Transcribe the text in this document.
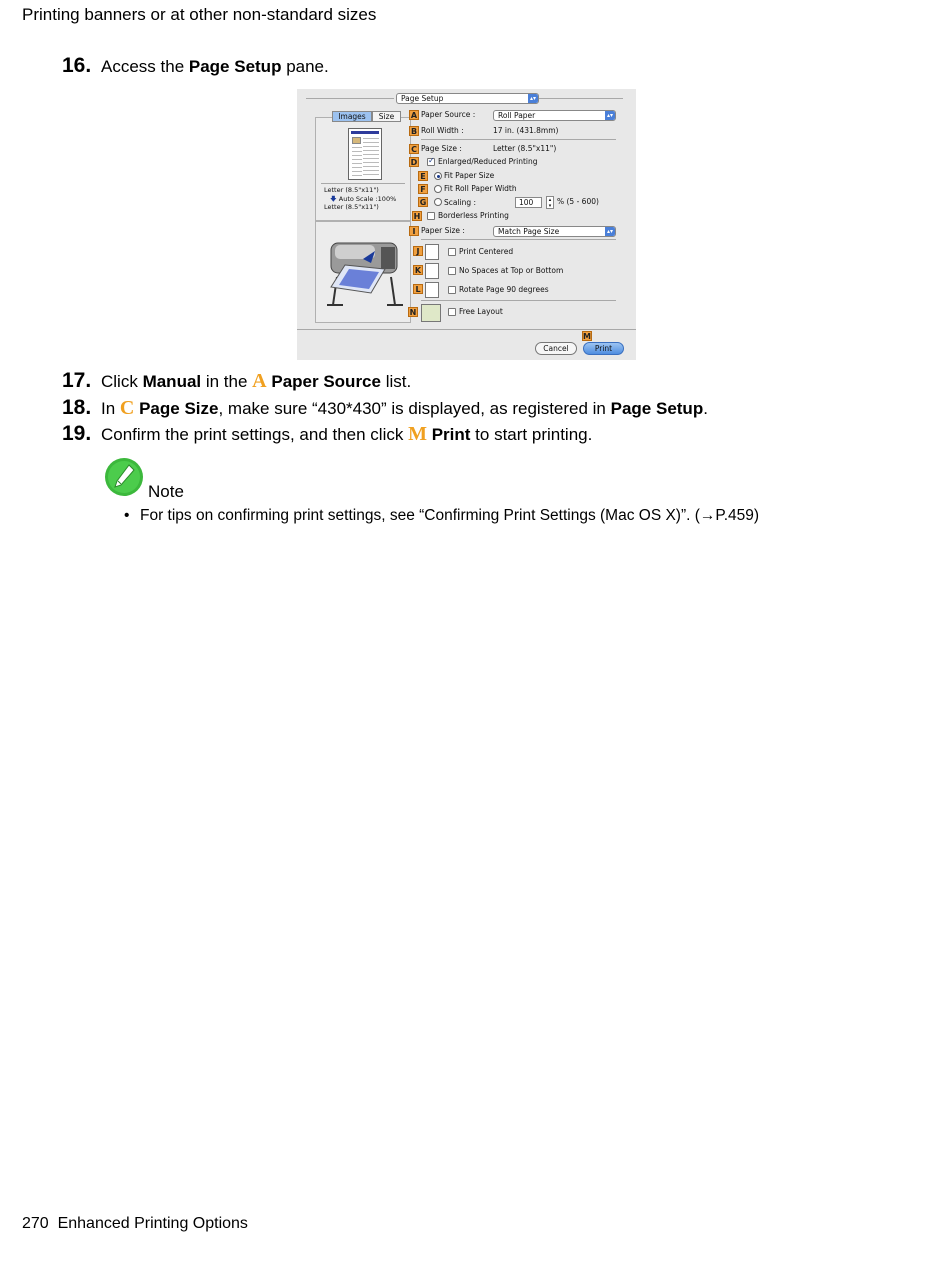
Printing banners or at other non-standard sizes
16. Access the Page Setup pane.
Page Setup	▴▾
Images	Size
Letter (8.5"x11")
🡇 Auto Scale :100%
Letter (8.5"x11")
A Paper Source :	Roll Paper	▴▾
B Roll Width :	17 in. (431.8mm)
C Page Size :	Letter (8.5"x11")
D
✓	Enlarged/Reduced Printing
E	Fit Paper Size
F	Fit Roll Paper Width
G Scaling :	100	▴
▾ % (5 - 600)
H Borderless Printing
I Paper Size :	Match Page Size	▴▾
J	Print Centered
K	No Spaces at Top or Bottom
L	Rotate Page 90 degrees
N	Free Layout
M
Cancel	Print
17. Click Manual in the A Paper Source list.
18. In C Page Size, make sure “430*430” is displayed, as registered in Page Setup.
19. Confirm the print settings, and then click M Print to start printing.
Note
• For tips on confirming print settings, see “Confirming Print Settings (Mac OS X)”. (→P.459)
270  Enhanced Printing Options
